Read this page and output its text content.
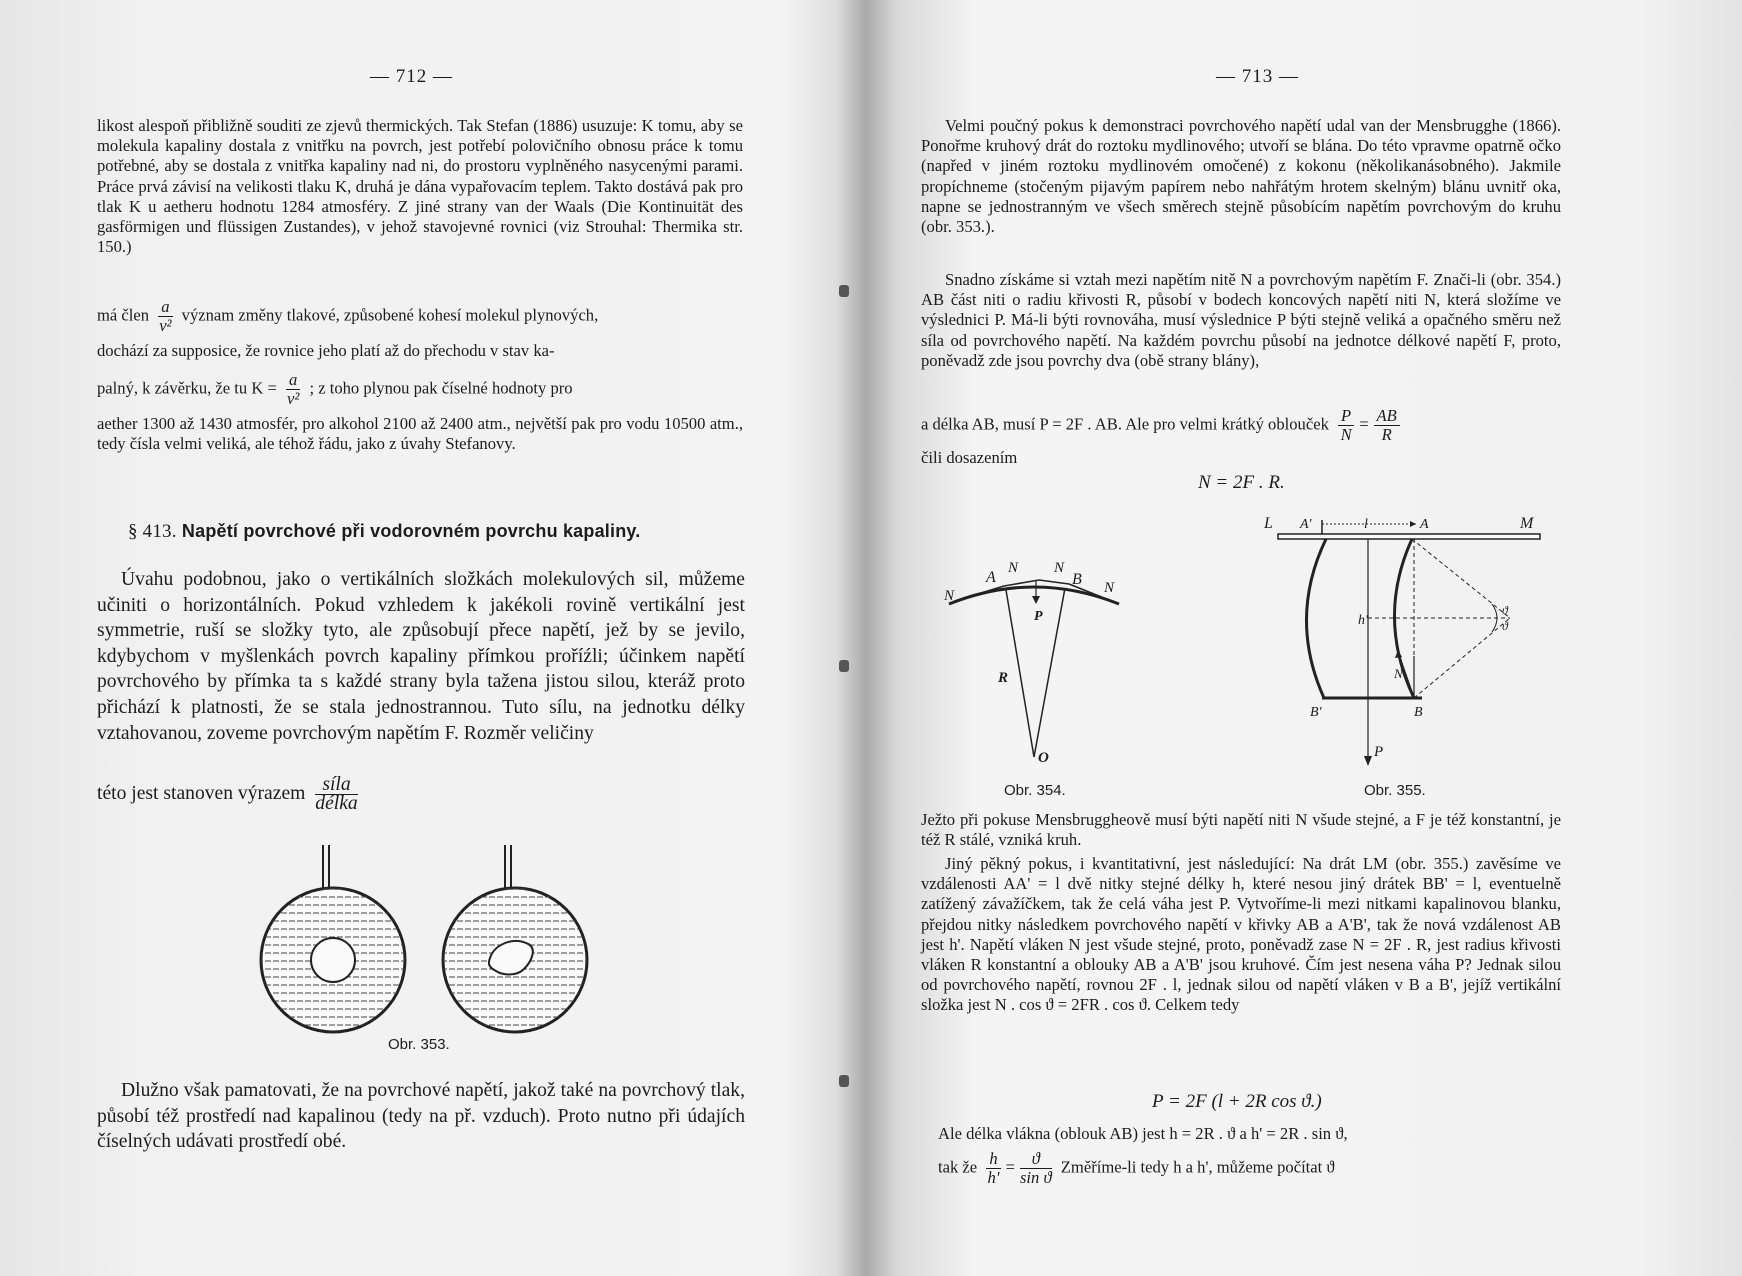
— 712 —

likost alespoň přibližně souditi ze zjevů thermických. Tak Stefan (1886) usuzuje: K tomu, aby se molekula kapaliny dostala z vnitřku na povrch, jest potřebí polovičního obnosu práce k tomu potřebné, aby se dostala z vnitřka kapaliny nad ni, do prostoru vyplněného nasycenými parami. Práce prvá závisí na velikosti tlaku K, druhá je dána vypařovacím teplem. Takto dostává pak pro tlak K u aetheru hodnotu 1284 atmosféry. Z jiné strany van der Waals (Die Kontinuität des gasförmigen und flüssigen Zustandes), v jehož stavojevné rovnici (viz Strouhal: Thermika str. 150.)

má člen $\frac{a}{\text{v²}}$ význam změny tlakové, způsobené kohesí molekul plynových,
dochází za supposice, že rovnice jeho platí až do přechodu v stav ka-
palný, k závěrku, že tu $K = \frac{a}{\text{v²}}$ ; z toho plynou pak číselné hodnoty pro

aether 1300 až 1430 atmosfér, pro alkohol 2100 až 2400 atm., největší pak pro vodu 10500 atm., tedy čísla velmi veliká, ale téhož řádu, jako z úvahy Stefanovy.

§ 413. Napětí povrchové při vodorovném povrchu kapaliny.

Úvahu podobnou, jako o vertikálních složkách molekulových sil, můžeme učiniti o horizontálních. Pokud vzhledem k jakékoli rovině vertikální jest symmetrie, ruší se složky tyto, ale způsobují přece napětí, jež by se jevilo, kdybychom v myšlenkách povrch kapaliny přímkou proříźli; účinkem napětí povrchového by přímka ta s každé strany byla tažena jistou silou, kteráž proto přichází k platnosti, že se stala jednostrannou. Tuto sílu, na jednotku délky vztahovanou, zoveme povrchovým napětím F. Rozměr veličiny

této jest stanoven výrazem $\frac{\text{síla}}{\text{délka}}$
Obr. 353.

Dlužno však pamatovati, že na povrchové napětí, jakož také na povrchový tlak, působí též prostředí nad kapalinou (tedy na př. vzduch). Proto nutno při údajích číselných udávati prostředí obé.

— 713 —

Velmi poučný pokus k demonstraci povrchového napětí udal van der Mensbrugghe (1866). Ponořme kruhový drát do roztoku mydlinového; utvoří se blána. Do této vpravme opatrně očko (napřed v jiném roztoku mydlinovém omočené) z kokonu (několikanásobného). Jakmile propíchneme (stočeným pijavým papírem nebo nahřátým hrotem skelným) blánu uvnitř oka, napne se jednostranným ve všech směrech stejně působícím napětím povrchovým do kruhu (obr. 353.).

Snadno získáme si vztah mezi napětím nitě N a povrchovým napětím F. Znači-li (obr. 354.) AB část niti o radiu křivosti R, působí v bodech koncových napětí niti N, která složíme ve výslednici P. Má-li býti rovnováha, musí výslednice P býti stejně veliká a opačného směru než síla od povrchového napětí. Na každém povrchu působí na jednotce délkové napětí F, proto, poněvadž zde jsou povrchy dva (obě strany blány),

a délka AB, musí P = 2F . AB. Ale pro velmi krátký oblouček $\frac{P}{N} = \frac{AB}{R}$
čili dosazením
N = 2F . R.
N
A
N N
B N
P
R
O
Obr. 354.
L A'	l	A	M
h'
N
ϑ
ϑ
B'	B
P
Obr. 355.

Ježto při pokuse Mensbruggheově musí býti napětí niti N všude stejné, a F je též konstantní, je též R stálé, vzniká kruh.

Jiný pěkný pokus, i kvantitativní, jest následující: Na drát LM (obr. 355.) zavěsíme ve vzdálenosti AA' = l dvě nitky stejné délky h, které nesou jiný drátek BB' = l, eventuelně zatížený závažíčkem, tak že celá váha jest P. Vytvoříme-li mezi nitkami kapalinovou blanku, přejdou nitky následkem povrchového napětí v křivky AB a A'B', tak že nová vzdálenost AB jest h'. Napětí vláken N jest všude stejné, proto, poněvadž zase N = 2F . R, jest radius křivosti vláken R konstantní a oblouky AB a A'B' jsou kruhové. Čím jest nesena váha P? Jednak silou od povrchového napětí, rovnou 2F . l, jednak silou od napětí vláken v B a B', jejíž vertikální složka jest N . cos ϑ = 2FR . cos ϑ. Celkem tedy

P = 2F (l + 2R cos ϑ.)
Ale délka vlákna (oblouk AB) jest h = 2R . ϑ a h' = 2R . sin ϑ,
tak že $\frac{h}{h'} = \frac{ϑ}{\text{sin ϑ}}$ Změříme-li tedy h a h', můžeme počítat ϑ
